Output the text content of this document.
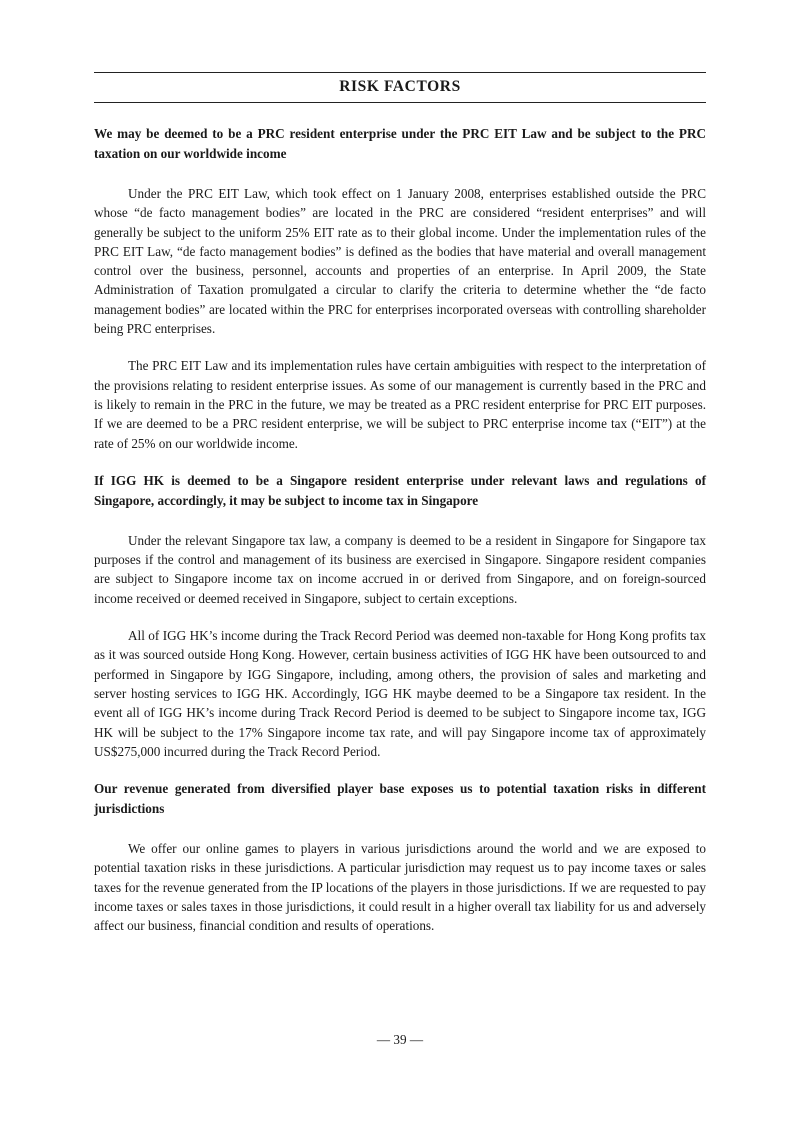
RISK FACTORS

We may be deemed to be a PRC resident enterprise under the PRC EIT Law and be subject to the PRC taxation on our worldwide income

Under the PRC EIT Law, which took effect on 1 January 2008, enterprises established outside the PRC whose “de facto management bodies” are located in the PRC are considered “resident enterprises” and will generally be subject to the uniform 25% EIT rate as to their global income. Under the implementation rules of the PRC EIT Law, “de facto management bodies” is defined as the bodies that have material and overall management control over the business, personnel, accounts and properties of an enterprise. In April 2009, the State Administration of Taxation promulgated a circular to clarify the criteria to determine whether the “de facto management bodies” are located within the PRC for enterprises incorporated overseas with controlling shareholder being PRC enterprises.

The PRC EIT Law and its implementation rules have certain ambiguities with respect to the interpretation of the provisions relating to resident enterprise issues. As some of our management is currently based in the PRC and is likely to remain in the PRC in the future, we may be treated as a PRC resident enterprise for PRC EIT purposes. If we are deemed to be a PRC resident enterprise, we will be subject to PRC enterprise income tax (“EIT”) at the rate of 25% on our worldwide income.

If IGG HK is deemed to be a Singapore resident enterprise under relevant laws and regulations of Singapore, accordingly, it may be subject to income tax in Singapore

Under the relevant Singapore tax law, a company is deemed to be a resident in Singapore for Singapore tax purposes if the control and management of its business are exercised in Singapore. Singapore resident companies are subject to Singapore income tax on income accrued in or derived from Singapore, and on foreign-sourced income received or deemed received in Singapore, subject to certain exceptions.

All of IGG HK’s income during the Track Record Period was deemed non-taxable for Hong Kong profits tax as it was sourced outside Hong Kong. However, certain business activities of IGG HK have been outsourced to and performed in Singapore by IGG Singapore, including, among others, the provision of sales and marketing and server hosting services to IGG HK. Accordingly, IGG HK maybe deemed to be a Singapore tax resident. In the event all of IGG HK’s income during Track Record Period is deemed to be subject to Singapore income tax, IGG HK will be subject to the 17% Singapore income tax rate, and will pay Singapore income tax of approximately US$275,000 incurred during the Track Record Period.

Our revenue generated from diversified player base exposes us to potential taxation risks in different jurisdictions

We offer our online games to players in various jurisdictions around the world and we are exposed to potential taxation risks in these jurisdictions. A particular jurisdiction may request us to pay income taxes or sales taxes for the revenue generated from the IP locations of the players in those jurisdictions. If we are requested to pay income taxes or sales taxes in those jurisdictions, it could result in a higher overall tax liability for us and adversely affect our business, financial condition and results of operations.

— 39 —
